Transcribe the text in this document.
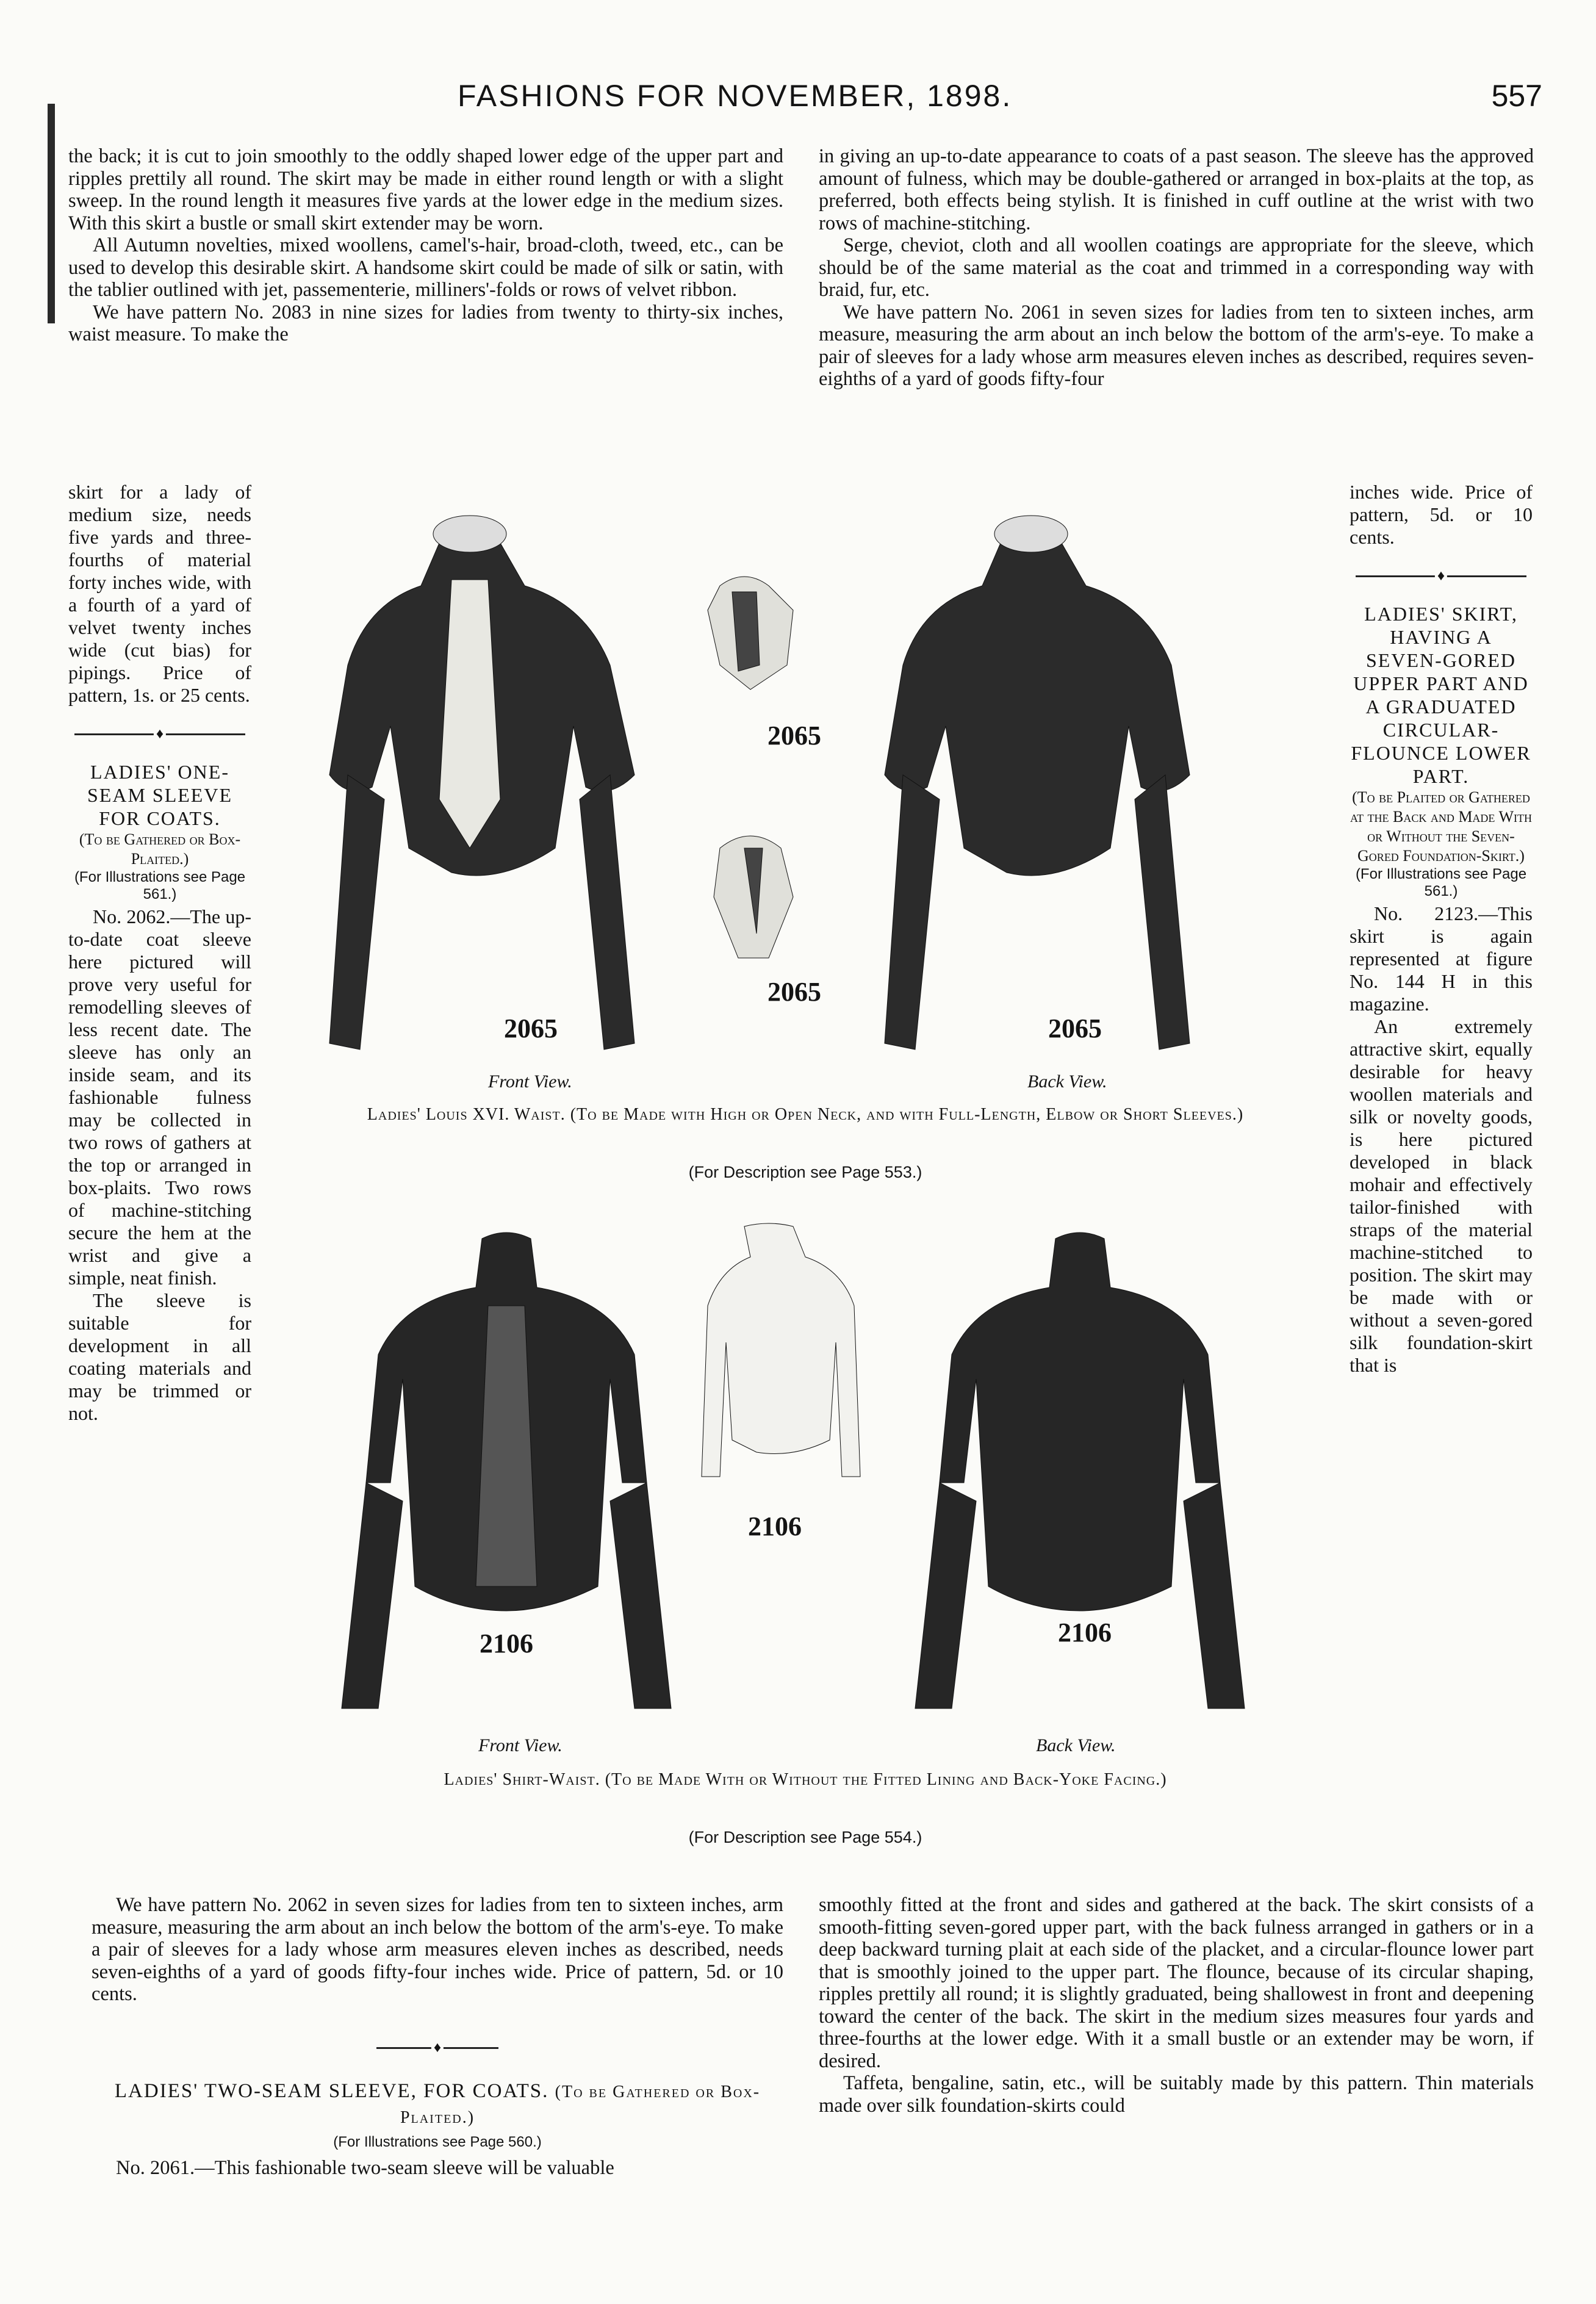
FASHIONS FOR NOVEMBER, 1898.	557

the back; it is cut to join smoothly to the oddly shaped lower edge of the upper part and ripples prettily all round. The skirt may be made in either round length or with a slight sweep. In the round length it measures five yards at the lower edge in the medium sizes. With this skirt a bustle or small skirt extender may be worn.

All Autumn novelties, mixed woollens, camel's-hair, broad-cloth, tweed, etc., can be used to develop this desirable skirt. A handsome skirt could be made of silk or satin, with the tablier outlined with jet, passementerie, milliners'-folds or rows of velvet ribbon.

We have pattern No. 2083 in nine sizes for ladies from twenty to thirty-six inches, waist measure. To make the

skirt for a lady of medium size, needs five yards and three-fourths of material forty inches wide, with a fourth of a yard of velvet twenty inches wide (cut bias) for pipings. Price of pattern, 1s. or 25 cents.

♦
LADIES' ONE-SEAM SLEEVE FOR COATS.
(To be Gathered or Box-Plaited.)
(For Illustrations see Page 561.)

No. 2062.—The up-to-date coat sleeve here pictured will prove very useful for remodelling sleeves of less recent date. The sleeve has only an inside seam, and its fashionable fulness may be collected in two rows of gathers at the top or arranged in box-plaits. Two rows of machine-stitching secure the hem at the wrist and give a simple, neat finish.

The sleeve is suitable for development in all coating materials and may be trimmed or not.

We have pattern No. 2062 in seven sizes for ladies from ten to sixteen inches, arm measure, measuring the arm about an inch below the bottom of the arm's-eye. To make a pair of sleeves for a lady whose arm measures eleven inches as described, needs seven-eighths of a yard of goods fifty-four inches wide. Price of pattern, 5d. or 10 cents.

♦
LADIES' TWO-SEAM SLEEVE, FOR COATS. (To be Gathered or Box-Plaited.)
(For Illustrations see Page 560.)

No. 2061.—This fashionable two-seam sleeve will be valuable

in giving an up-to-date appearance to coats of a past season. The sleeve has the approved amount of fulness, which may be double-gathered or arranged in box-plaits at the top, as preferred, both effects being stylish. It is finished in cuff outline at the wrist with two rows of machine-stitching.

Serge, cheviot, cloth and all woollen coatings are appropriate for the sleeve, which should be of the same material as the coat and trimmed in a corresponding way with braid, fur, etc.

We have pattern No. 2061 in seven sizes for ladies from ten to sixteen inches, arm measure, measuring the arm about an inch below the bottom of the arm's-eye. To make a pair of sleeves for a lady whose arm measures eleven inches as described, requires seven-eighths of a yard of goods fifty-four

inches wide. Price of pattern, 5d. or 10 cents.

♦
LADIES' SKIRT, HAVING A SEVEN-GORED UPPER PART AND A GRADUATED CIRCULAR-FLOUNCE LOWER PART.
(To be Plaited or Gathered at the Back and Made With or Without the Seven-Gored Foundation-Skirt.)
(For Illustrations see Page 561.)

No. 2123.—This skirt is again represented at figure No. 144 H in this magazine.

An extremely attractive skirt, equally desirable for heavy woollen materials and silk or novelty goods, is here pictured developed in black mohair and effectively tailor-finished with straps of the material machine-stitched to position. The skirt may be made with or without a seven-gored silk foundation-skirt that is

smoothly fitted at the front and sides and gathered at the back. The skirt consists of a smooth-fitting seven-gored upper part, with the back fulness arranged in gathers or in a deep backward turning plait at each side of the placket, and a circular-flounce lower part that is smoothly joined to the upper part. The flounce, because of its circular shaping, ripples prettily all round; it is slightly graduated, being shallowest in front and deepening toward the center of the back. The skirt in the medium sizes measures four yards and three-fourths at the lower edge. With it a small bustle or an extender may be worn, if desired.

Taffeta, bengaline, satin, etc., will be suitably made by this pattern. Thin materials made over silk foundation-skirts could

2065
2065
2065
2065
Front View.	Back View.
Ladies' Louis XVI. Waist. (To be Made with High or Open Neck, and with Full-Length, Elbow or Short Sleeves.)
(For Description see Page 553.)
2106
2106
2106
Front View.	Back View.
Ladies' Shirt-Waist. (To be Made With or Without the Fitted Lining and Back-Yoke Facing.)
(For Description see Page 554.)
